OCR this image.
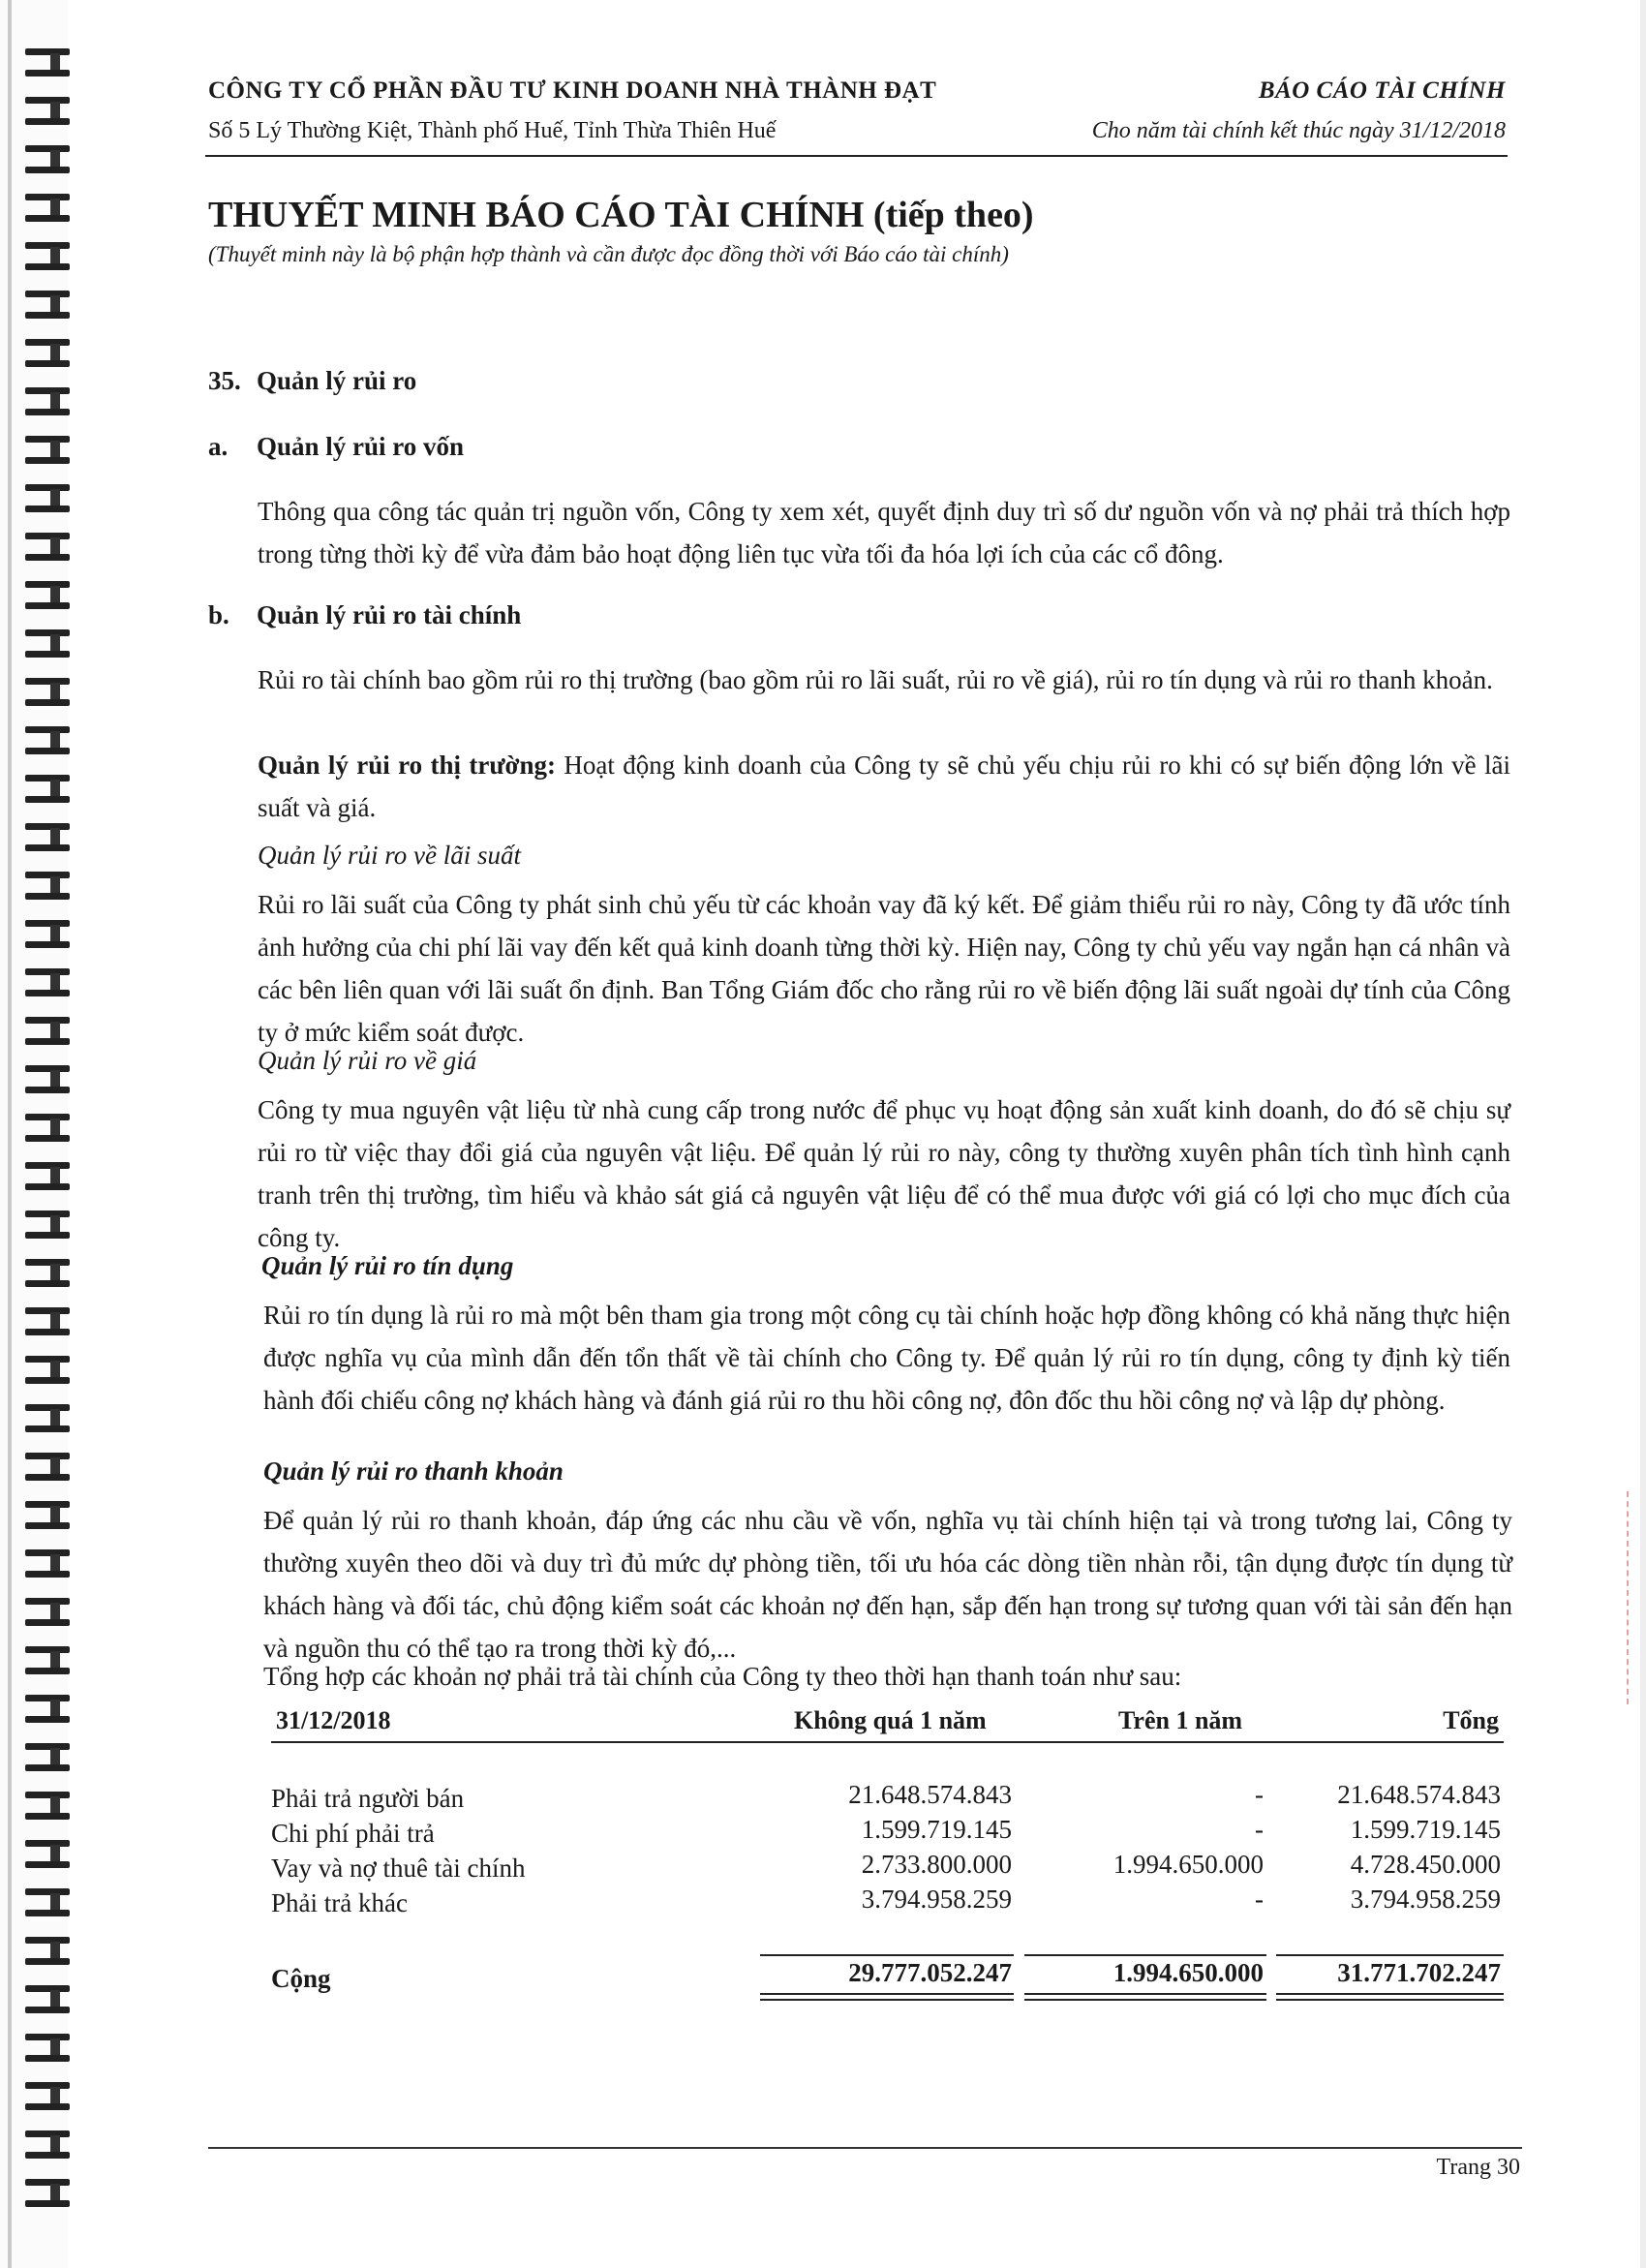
CÔNG TY CỔ PHẦN ĐẦU TƯ KINH DOANH NHÀ THÀNH ĐẠT
Số 5 Lý Thường Kiệt, Thành phố Huế, Tỉnh Thừa Thiên Huế
BÁO CÁO TÀI CHÍNH
Cho năm tài chính kết thúc ngày 31/12/2018
THUYẾT MINH BÁO CÁO TÀI CHÍNH (tiếp theo)
(Thuyết minh này là bộ phận hợp thành và cần được đọc đồng thời với Báo cáo tài chính)
35. Quản lý rủi ro
a. Quản lý rủi ro vốn
Thông qua công tác quản trị nguồn vốn, Công ty xem xét, quyết định duy trì số dư nguồn vốn và nợ phải trả thích hợp trong từng thời kỳ để vừa đảm bảo hoạt động liên tục vừa tối đa hóa lợi ích của các cổ đông.
b. Quản lý rủi ro tài chính
Rủi ro tài chính bao gồm rủi ro thị trường (bao gồm rủi ro lãi suất, rủi ro về giá), rủi ro tín dụng và rủi ro thanh khoản.
Quản lý rủi ro thị trường: Hoạt động kinh doanh của Công ty sẽ chủ yếu chịu rủi ro khi có sự biến động lớn về lãi suất và giá.
Quản lý rủi ro về lãi suất
Rủi ro lãi suất của Công ty phát sinh chủ yếu từ các khoản vay đã ký kết. Để giảm thiểu rủi ro này, Công ty đã ước tính ảnh hưởng của chi phí lãi vay đến kết quả kinh doanh từng thời kỳ. Hiện nay, Công ty chủ yếu vay ngắn hạn cá nhân và các bên liên quan với lãi suất ổn định. Ban Tổng Giám đốc cho rằng rủi ro về biến động lãi suất ngoài dự tính của Công ty ở mức kiểm soát được.
Quản lý rủi ro về giá
Công ty mua nguyên vật liệu từ nhà cung cấp trong nước để phục vụ hoạt động sản xuất kinh doanh, do đó sẽ chịu sự rủi ro từ việc thay đổi giá của nguyên vật liệu. Để quản lý rủi ro này, công ty thường xuyên phân tích tình hình cạnh tranh trên thị trường, tìm hiểu và khảo sát giá cả nguyên vật liệu để có thể mua được với giá có lợi cho mục đích của công ty.
Quản lý rủi ro tín dụng
Rủi ro tín dụng là rủi ro mà một bên tham gia trong một công cụ tài chính hoặc hợp đồng không có khả năng thực hiện được nghĩa vụ của mình dẫn đến tổn thất về tài chính cho Công ty. Để quản lý rủi ro tín dụng, công ty định kỳ tiến hành đối chiếu công nợ khách hàng và đánh giá rủi ro thu hồi công nợ, đôn đốc thu hồi công nợ và lập dự phòng.
Quản lý rủi ro thanh khoản
Để quản lý rủi ro thanh khoản, đáp ứng các nhu cầu về vốn, nghĩa vụ tài chính hiện tại và trong tương lai, Công ty thường xuyên theo dõi và duy trì đủ mức dự phòng tiền, tối ưu hóa các dòng tiền nhàn rỗi, tận dụng được tín dụng từ khách hàng và đối tác, chủ động kiểm soát các khoản nợ đến hạn, sắp đến hạn trong sự tương quan với tài sản đến hạn và nguồn thu có thể tạo ra trong thời kỳ đó,...
Tổng hợp các khoản nợ phải trả tài chính của Công ty theo thời hạn thanh toán như sau:
31/12/2018	Không quá 1 năm	Trên 1 năm	Tổng
Phải trả người bán	21.648.574.843	-	21.648.574.843
Chi phí phải trả	1.599.719.145	-	1.599.719.145
Vay và nợ thuê tài chính	2.733.800.000	1.994.650.000	4.728.450.000
Phải trả khác	3.794.958.259	-	3.794.958.259
Cộng	29.777.052.247	1.994.650.000	31.771.702.247
Trang 30
